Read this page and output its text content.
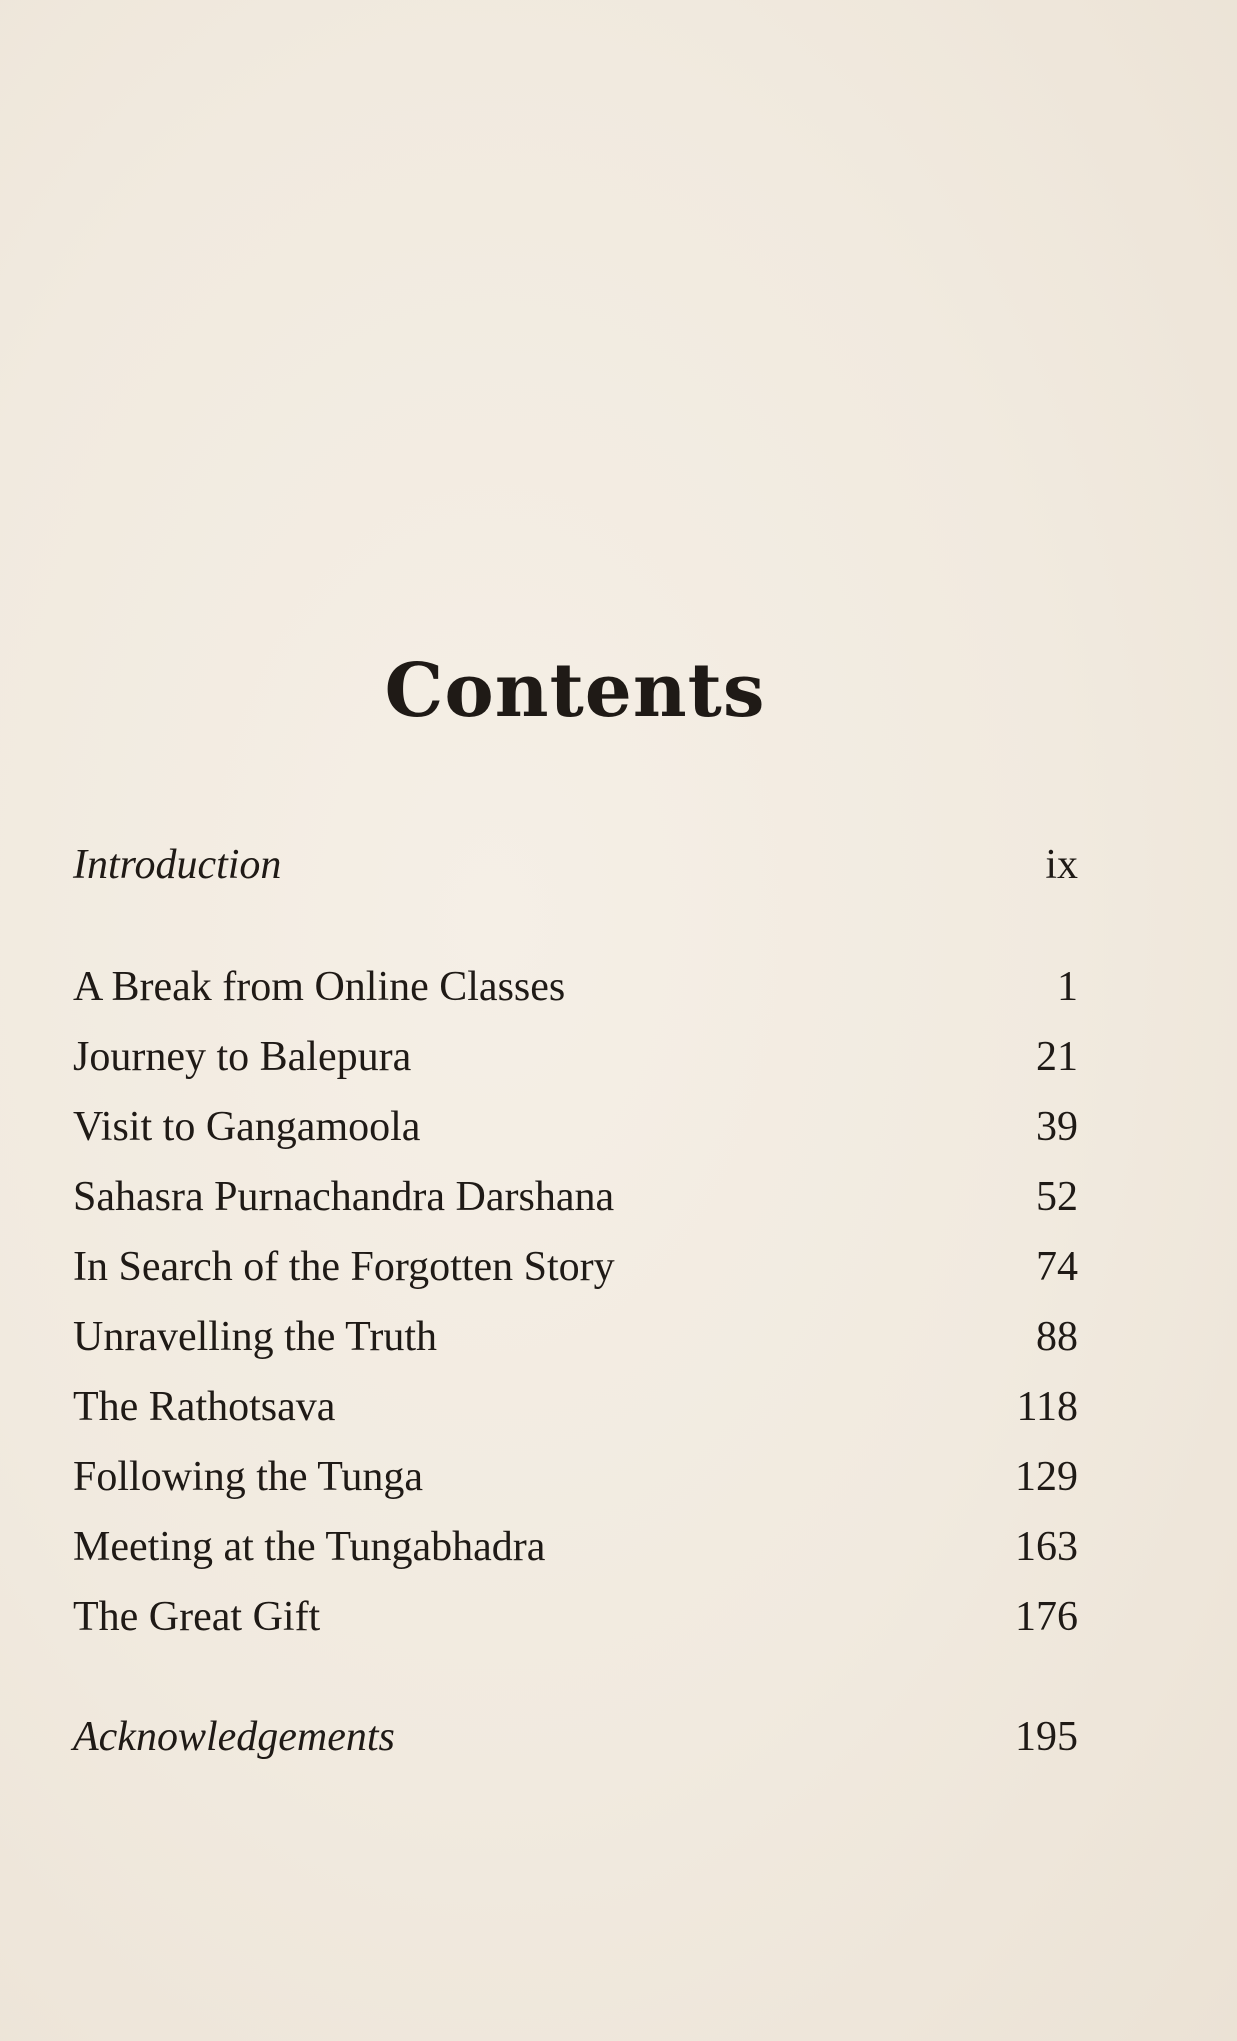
Contents
Introduction	ix
A Break from Online Classes	1
Journey to Balepura	21
Visit to Gangamoola	39
Sahasra Purnachandra Darshana	52
In Search of the Forgotten Story	74
Unravelling the Truth	88
The Rathotsava	118
Following the Tunga	129
Meeting at the Tungabhadra	163
The Great Gift	176
Acknowledgements	195
